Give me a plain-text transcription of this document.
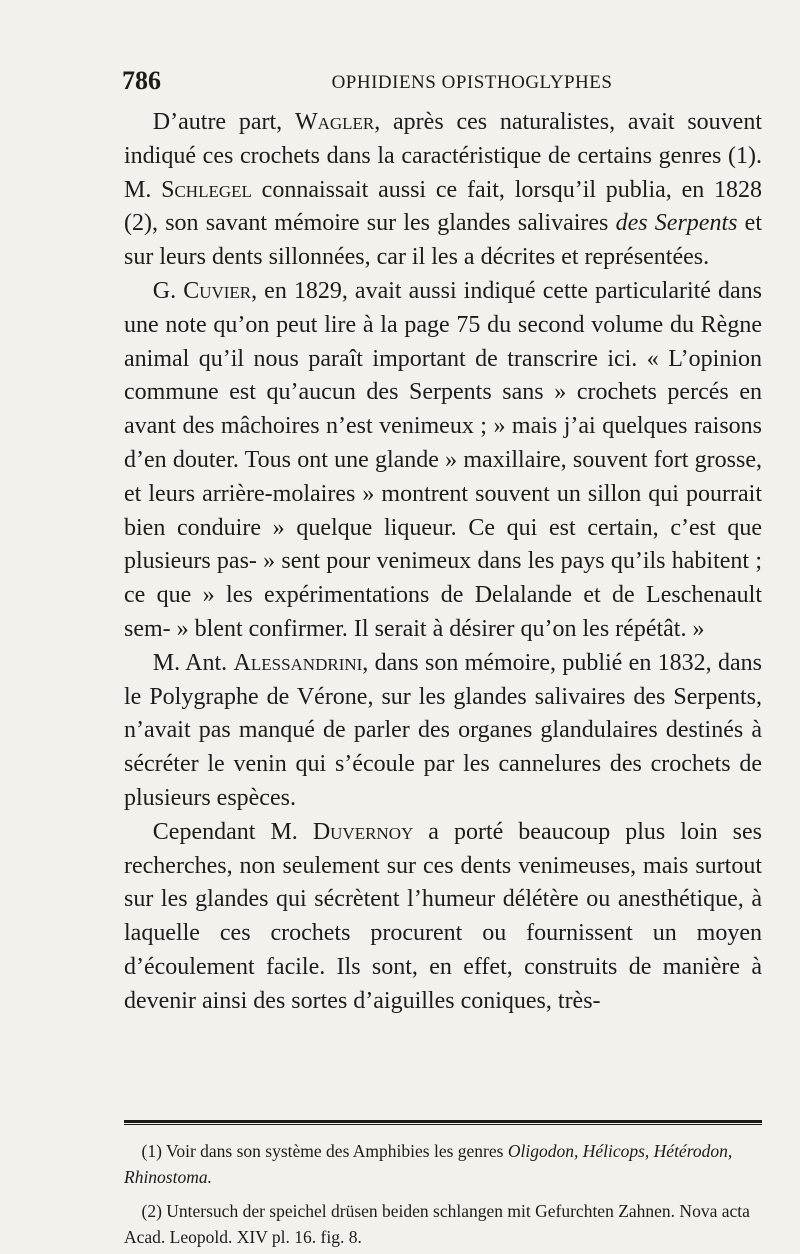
786	OPHIDIENS OPISTHOGLYPHES

D’autre part, Wagler, après ces naturalistes, avait souvent indiqué ces crochets dans la caractéristique de certains genres (1). M. Schlegel connaissait aussi ce fait, lorsqu’il publia, en 1828 (2), son savant mémoire sur les glandes salivaires des Serpents et sur leurs dents sillonnées, car il les a décrites et représentées.

G. Cuvier, en 1829, avait aussi indiqué cette particularité dans une note qu’on peut lire à la page 75 du second volume du Règne animal qu’il nous paraît important de transcrire ici. « L’opinion commune est qu’aucun des Serpents sans » crochets percés en avant des mâchoires n’est venimeux ; » mais j’ai quelques raisons d’en douter. Tous ont une glande » maxillaire, souvent fort grosse, et leurs arrière-molaires » montrent souvent un sillon qui pourrait bien conduire » quelque liqueur. Ce qui est certain, c’est que plusieurs pas- » sent pour venimeux dans les pays qu’ils habitent ; ce que » les expérimentations de Delalande et de Leschenault sem- » blent confirmer. Il serait à désirer qu’on les répétât. »

M. Ant. Alessandrini, dans son mémoire, publié en 1832, dans le Polygraphe de Vérone, sur les glandes salivaires des Serpents, n’avait pas manqué de parler des organes glandulaires destinés à sécréter le venin qui s’écoule par les cannelures des crochets de plusieurs espèces.

Cependant M. Duvernoy a porté beaucoup plus loin ses recherches, non seulement sur ces dents venimeuses, mais surtout sur les glandes qui sécrètent l’humeur délétère ou anesthétique, à laquelle ces crochets procurent ou fournissent un moyen d’écoulement facile. Ils sont, en effet, construits de manière à devenir ainsi des sortes d’aiguilles coniques, très-

(1) Voir dans son système des Amphibies les genres Oligodon, Hélicops, Hétérodon, Rhinostoma.

(2) Untersuch der speichel drüsen beiden schlangen mit Gefurchten Zahnen. Nova acta Acad. Leopold. XIV pl. 16. fig. 8.
